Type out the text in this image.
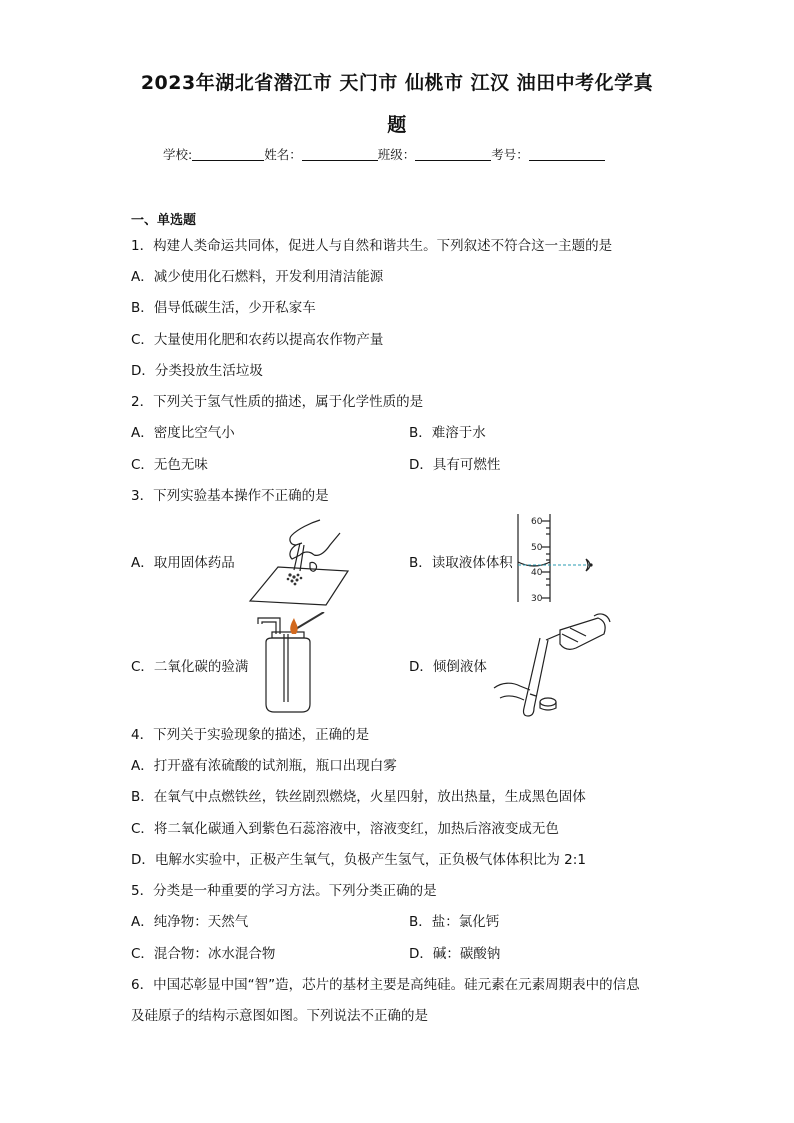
2023年湖北省潜江市 天门市 仙桃市 江汉 油田中考化学真
题
学校:	姓名：	班级：	考号：
一、单选题
1．构建人类命运共同体，促进人与自然和谐共生。下列叙述不符合这一主题的是
A．减少使用化石燃料，开发利用清洁能源
B．倡导低碳生活，少开私家车
C．大量使用化肥和农药以提高农作物产量
D．分类投放生活垃圾
2．下列关于氢气性质的描述，属于化学性质的是
A．密度比空气小	B．难溶于水
C．无色无味	D．具有可燃性
3．下列实验基本操作不正确的是
A．取用固体药品	B．读取液体体积
C．二氧化碳的验满	D．倾倒液体
60
50
40
30
4．下列关于实验现象的描述，正确的是
A．打开盛有浓硫酸的试剂瓶，瓶口出现白雾
B．在氧气中点燃铁丝，铁丝剧烈燃烧，火星四射，放出热量，生成黑色固体
C．将二氧化碳通入到紫色石蕊溶液中，溶液变红，加热后溶液变成无色
D．电解水实验中，正极产生氧气，负极产生氢气，正负极气体体积比为 2:1
5．分类是一种重要的学习方法。下列分类正确的是
A．纯净物：天然气	B．盐：氯化钙
C．混合物：冰水混合物	D．碱：碳酸钠
6．中国芯彰显中国“智”造，芯片的基材主要是高纯硅。硅元素在元素周期表中的信息
及硅原子的结构示意图如图。下列说法不正确的是
